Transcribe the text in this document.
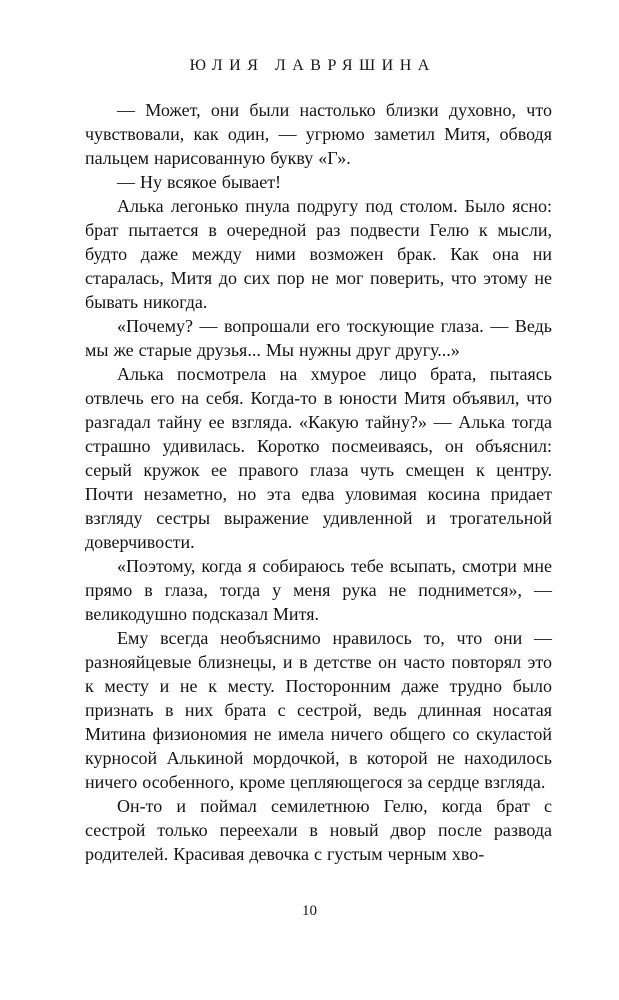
ЮЛИЯ ЛАВРЯШИНА

— Может, они были настолько близки духовно, что чувствовали, как один, — угрюмо заметил Митя, обводя пальцем нарисованную букву «Г».

— Ну всякое бывает!

Алька легонько пнула подругу под столом. Было ясно: брат пытается в очередной раз подвести Гелю к мысли, будто даже между ними возможен брак. Как она ни старалась, Митя до сих пор не мог поверить, что этому не бывать никогда.

«Почему? — вопрошали его тоскующие глаза. — Ведь мы же старые друзья... Мы нужны друг другу...»

Алька посмотрела на хмурое лицо брата, пытаясь отвлечь его на себя. Когда-то в юности Митя объявил, что разгадал тайну ее взгляда. «Какую тайну?» — Алька тогда страшно удивилась. Коротко посмеиваясь, он объяснил: серый кружок ее правого глаза чуть смещен к центру. Почти незаметно, но эта едва уловимая косина придает взгляду сестры выражение удивленной и трогательной доверчивости.

«Поэтому, когда я собираюсь тебе всыпать, смотри мне прямо в глаза, тогда у меня рука не поднимется», — великодушно подсказал Митя.

Ему всегда необъяснимо нравилось то, что они — разнояйцевые близнецы, и в детстве он часто повторял это к месту и не к месту. Посторонним даже трудно было признать в них брата с сестрой, ведь длинная носатая Митина физиономия не имела ничего общего со скуластой курносой Алькиной мордочкой, в которой не находилось ничего особенного, кроме цепляющегося за сердце взгляда.

Он-то и поймал семилетнюю Гелю, когда брат с сестрой только переехали в новый двор после развода родителей. Красивая девочка с густым черным хво-

10
